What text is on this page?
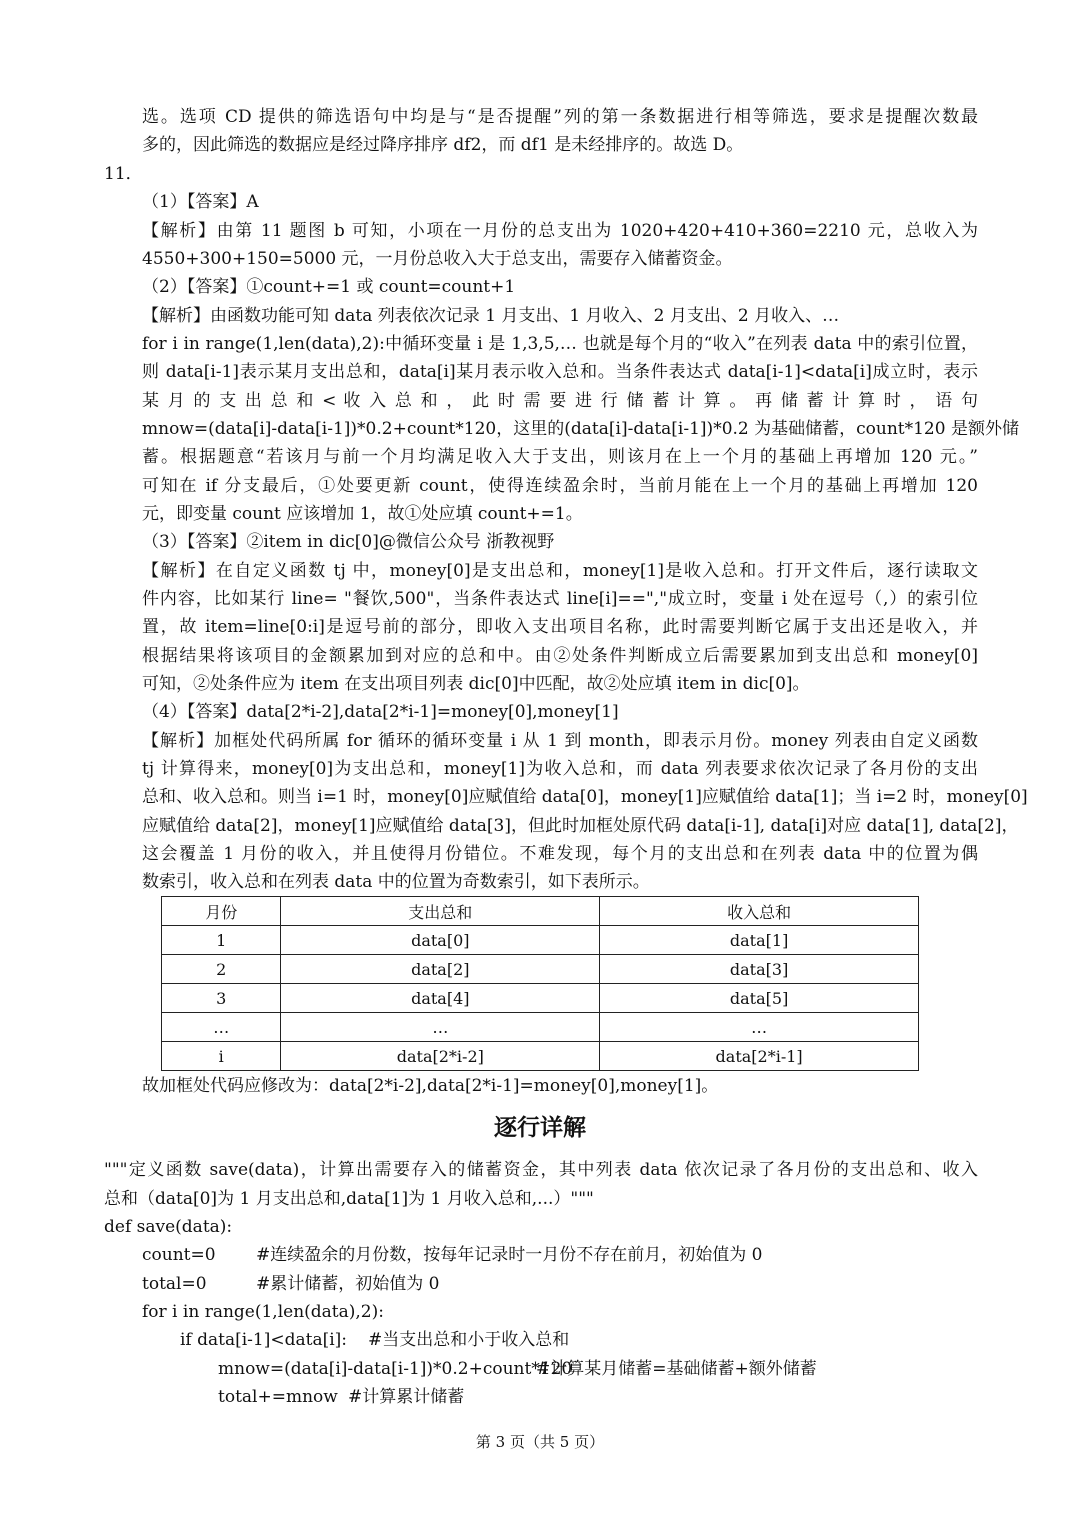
选。选项 CD 提供的筛选语句中均是与“是否提醒”列的第一条数据进行相等筛选，要求是提醒次数最
多的，因此筛选的数据应是经过降序排序 df2，而 df1 是未经排序的。故选 D。
11．
（1）【答案】A
【解析】由第 11 题图 b 可知，小项在一月份的总支出为 1020+420+410+360=2210 元，总收入为
4550+300+150=5000 元，一月份总收入大于总支出，需要存入储蓄资金。
（2）【答案】①count+=1 或 count=count+1
【解析】由函数功能可知 data 列表依次记录 1 月支出、1 月收入、2 月支出、2 月收入、…
for i in range(1,len(data),2):中循环变量 i 是 1,3,5,… 也就是每个月的“收入”在列表 data 中的索引位置，
则 data[i-1]表示某月支出总和，data[i]某月表示收入总和。当条件表达式 data[i-1]<data[i]成立时，表示
某 月 的 支 出 总 和 < 收 入 总 和 ， 此 时 需 要 进 行 储 蓄 计 算 。 再 储 蓄 计 算 时 ， 语 句
mnow=(data[i]-data[i-1])*0.2+count*120，这里的(data[i]-data[i-1])*0.2 为基础储蓄，count*120 是额外储
蓄。根据题意“若该月与前一个月均满足收入大于支出，则该月在上一个月的基础上再增加 120 元。”
可知在 if 分支最后，①处要更新 count，使得连续盈余时，当前月能在上一个月的基础上再增加 120
元，即变量 count 应该增加 1，故①处应填 count+=1。
（3）【答案】②item in dic[0]@微信公众号 浙教视野
【解析】在自定义函数 tj 中，money[0]是支出总和，money[1]是收入总和。打开文件后，逐行读取文
件内容，比如某行 line= "餐饮,500"，当条件表达式 line[i]==","成立时，变量 i 处在逗号（,）的索引位
置，故 item=line[0:i]是逗号前的部分，即收入支出项目名称，此时需要判断它属于支出还是收入，并
根据结果将该项目的金额累加到对应的总和中。由②处条件判断成立后需要累加到支出总和 money[0]
可知，②处条件应为 item 在支出项目列表 dic[0]中匹配，故②处应填 item in dic[0]。
（4）【答案】data[2*i-2],data[2*i-1]=money[0],money[1]
【解析】加框处代码所属 for 循环的循环变量 i 从 1 到 month，即表示月份。money 列表由自定义函数
tj 计算得来，money[0]为支出总和，money[1]为收入总和，而 data 列表要求依次记录了各月份的支出
总和、收入总和。则当 i=1 时，money[0]应赋值给 data[0]，money[1]应赋值给 data[1]；当 i=2 时，money[0]
应赋值给 data[2]，money[1]应赋值给 data[3]，但此时加框处原代码 data[i-1], data[i]对应 data[1], data[2]，
这会覆盖 1 月份的收入，并且使得月份错位。不难发现，每个月的支出总和在列表 data 中的位置为偶
数索引，收入总和在列表 data 中的位置为奇数索引，如下表所示。
月份	支出总和	收入总和
1	data[0]	data[1]
2	data[2]	data[3]
3	data[4]	data[5]
…	…	…
i	data[2*i-2]	data[2*i-1]
故加框处代码应修改为：data[2*i-2],data[2*i-1]=money[0],money[1]。
逐行详解
"""定义函数 save(data)，计算出需要存入的储蓄资金，其中列表 data 依次记录了各月份的支出总和、收入
总和（data[0]为 1 月支出总和,data[1]为 1 月收入总和,...）"""
def save(data):
count=0 #连续盈余的月份数，按每年记录时一月份不存在前月，初始值为 0
total=0	#累计储蓄，初始值为 0
for i in range(1,len(data),2):
if data[i-1]<data[i]: #当支出总和小于收入总和
mnow=(data[i]-data[i-1])*0.2+count*120#计算某月储蓄=基础储蓄+额外储蓄
total+=mnow #计算累计储蓄
第 3 页（共 5 页）
